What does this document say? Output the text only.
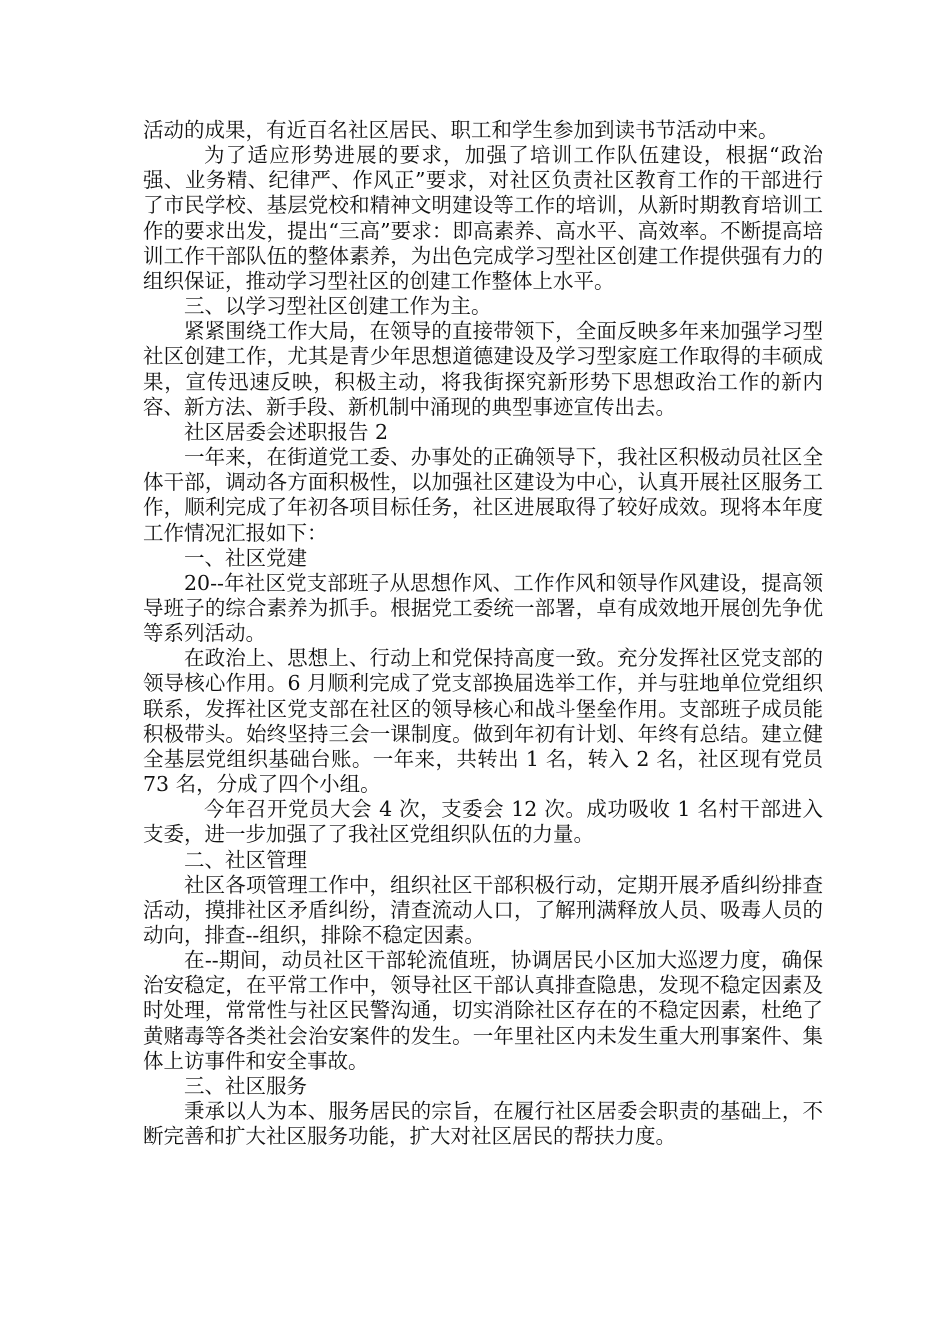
活动的成果，有近百名社区居民、职工和学生参加到读书节活动中来。

为了适应形势进展的要求，加强了培训工作队伍建设，根据“政治强、业务精、纪律严、作风正”要求，对社区负责社区教育工作的干部进行了市民学校、基层党校和精神文明建设等工作的培训，从新时期教育培训工作的要求出发，提出“三高”要求：即高素养、高水平、高效率。不断提高培训工作干部队伍的整体素养，为出色完成学习型社区创建工作提供强有力的组织保证，推动学习型社区的创建工作整体上水平。

三、以学习型社区创建工作为主。

紧紧围绕工作大局，在领导的直接带领下，全面反映多年来加强学习型社区创建工作，尤其是青少年思想道德建设及学习型家庭工作取得的丰硕成果，宣传迅速反映，积极主动，将我街探究新形势下思想政治工作的新内容、新方法、新手段、新机制中涌现的典型事迹宣传出去。

社区居委会述职报告 2

一年来，在街道党工委、办事处的正确领导下，我社区积极动员社区全体干部，调动各方面积极性，以加强社区建设为中心，认真开展社区服务工作，顺利完成了年初各项目标任务，社区进展取得了较好成效。现将本年度工作情况汇报如下：

一、社区党建

20--年社区党支部班子从思想作风、工作作风和领导作风建设，提高领导班子的综合素养为抓手。根据党工委统一部署，卓有成效地开展创先争优等系列活动。

在政治上、思想上、行动上和党保持高度一致。充分发挥社区党支部的领导核心作用。6 月顺利完成了党支部换届选举工作，并与驻地单位党组织联系，发挥社区党支部在社区的领导核心和战斗堡垒作用。支部班子成员能积极带头。始终坚持三会一课制度。做到年初有计划、年终有总结。建立健全基层党组织基础台账。一年来，共转出 1 名，转入 2 名，社区现有党员 73 名，分成了四个小组。

今年召开党员大会 4 次，支委会 12 次。成功吸收 1 名村干部进入支委，进一步加强了了我社区党组织队伍的力量。

二、社区管理

社区各项管理工作中，组织社区干部积极行动，定期开展矛盾纠纷排查活动，摸排社区矛盾纠纷，清查流动人口，了解刑满释放人员、吸毒人员的动向，排查--组织，排除不稳定因素。

在--期间，动员社区干部轮流值班，协调居民小区加大巡逻力度，确保治安稳定，在平常工作中，领导社区干部认真排查隐患，发现不稳定因素及时处理，常常性与社区民警沟通，切实消除社区存在的不稳定因素，杜绝了黄赌毒等各类社会治安案件的发生。一年里社区内未发生重大刑事案件、集体上访事件和安全事故。

三、社区服务

秉承以人为本、服务居民的宗旨，在履行社区居委会职责的基础上，不断完善和扩大社区服务功能，扩大对社区居民的帮扶力度。
